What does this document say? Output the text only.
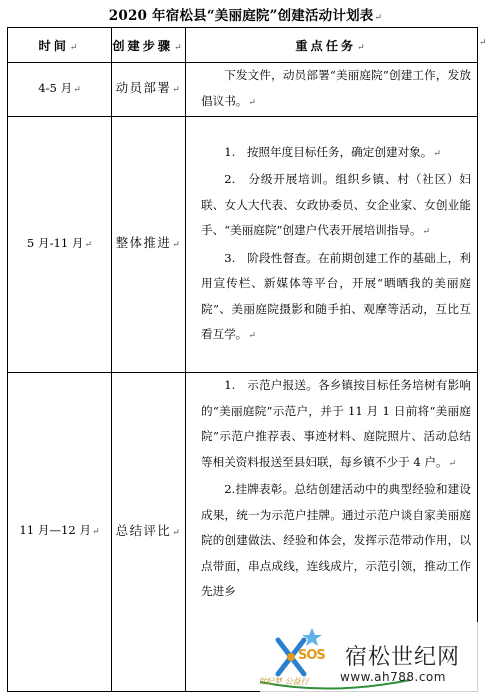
2020 年宿松县“美丽庭院”创建活动计划表↵
↵
时间↵	创建步骤↵	重点任务↵
4-5 月↵	动员部署↵	下发文件，动员部署“美丽庭院”创建工作，发放倡议书。↵

5 月-11 月↵	整体推进↵	1.　按照年度目标任务，确定创建对象。↵

2.　分级开展培训。组织乡镇、村（社区）妇联、女人大代表、女政协委员、女企业家、女创业能手、“美丽庭院”创建户代表开展培训指导。↵

3.　阶段性督查。在前期创建工作的基础上，利用宣传栏、新媒体等平台，开展“晒晒我的美丽庭院”、美丽庭院摄影和随手拍、观摩等活动，互比互看互学。↵

11 月—12 月↵	总结评比↵	1.　示范户报送。各乡镇按目标任务培树有影响的“美丽庭院”示范户，并于 11 月 1 日前将“美丽庭院”示范户推荐表、事迹材料、庭院照片、活动总结等相关资料报送至县妇联，每乡镇不少于 4 户。↵

2.挂牌表彰。总结创建活动中的典型经验和建设成果，统一为示范户挂牌。通过示范户谈自家美丽庭院的创建做法、经验和体会，发挥示范带动作用，以点带面，串点成线，连线成片，示范引领，推动工作先进乡

SOS 宿松世纪网
www.ah788.com
世纪梦 公益行
